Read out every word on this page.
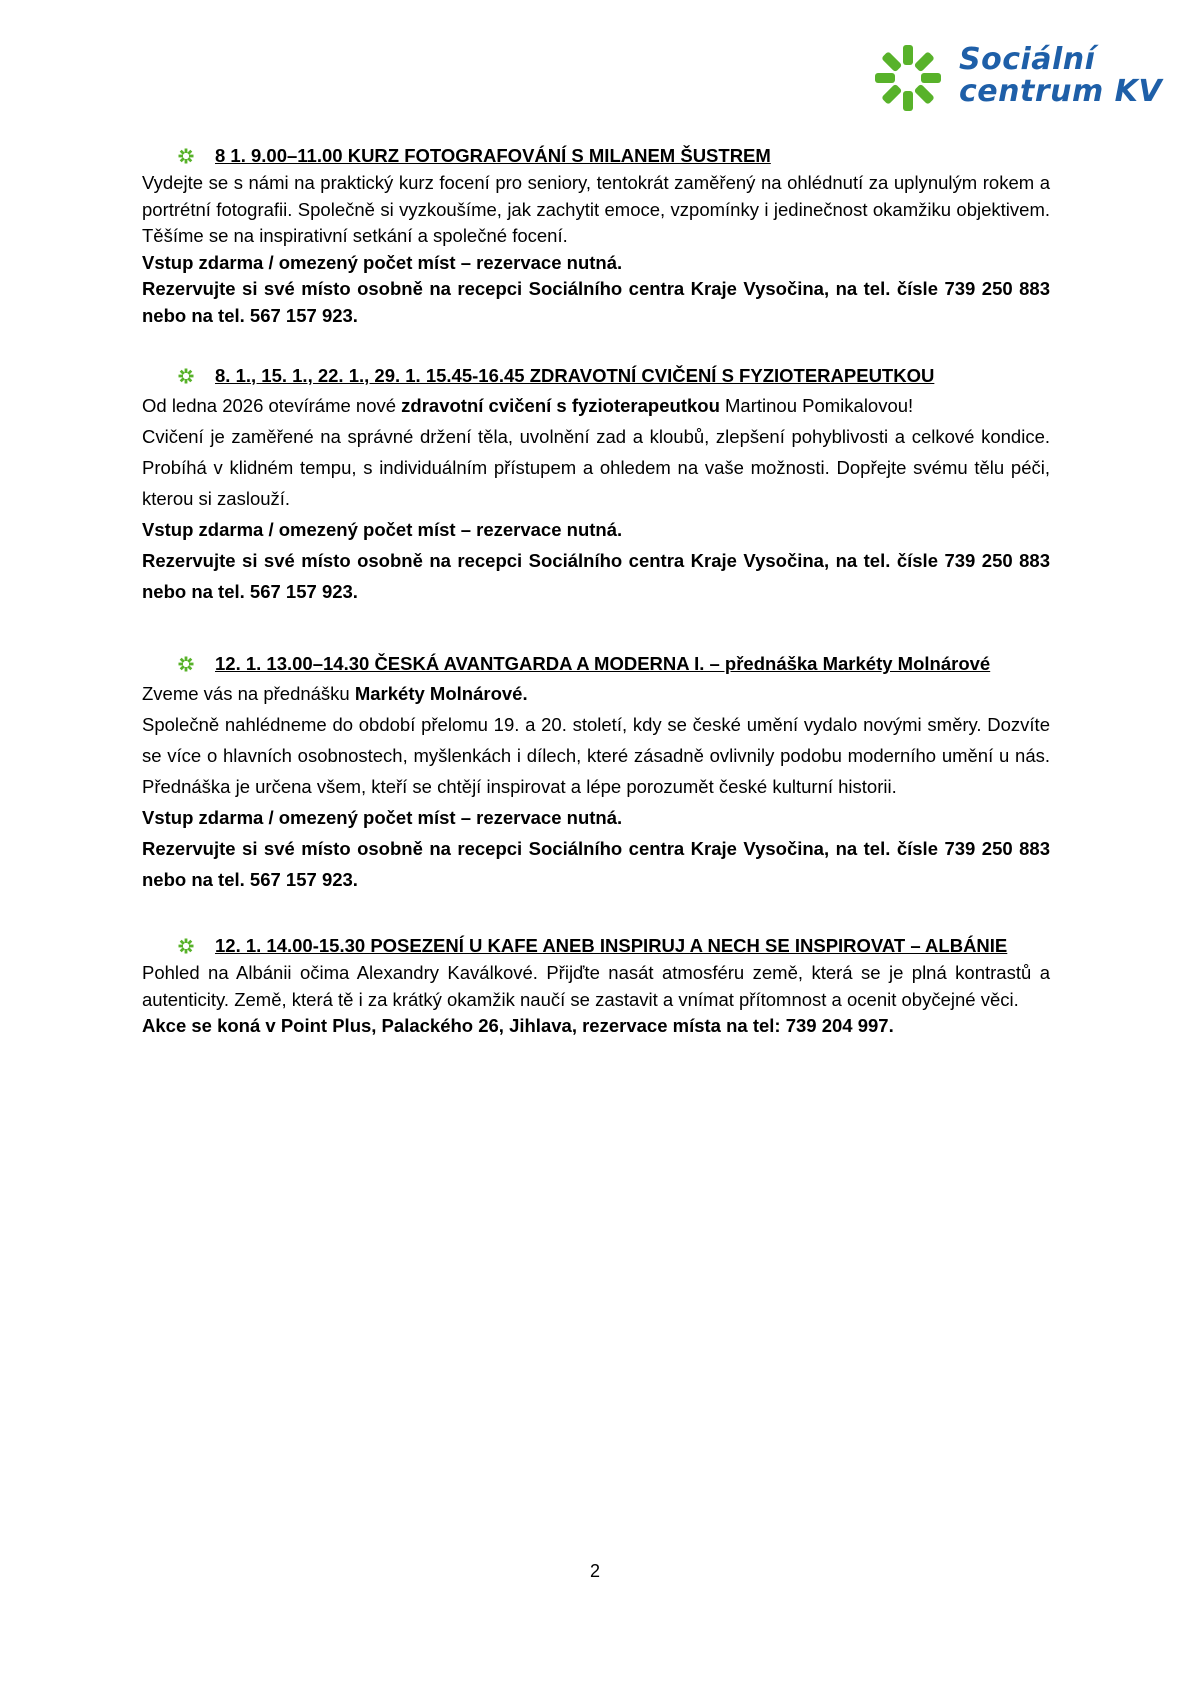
Sociální
centrum KV
8 1. 9.00–11.00 KURZ FOTOGRAFOVÁNÍ S MILANEM ŠUSTREM

Vydejte se s námi na praktický kurz focení pro seniory, tentokrát zaměřený na ohlédnutí za uplynulým rokem a portrétní fotografii. Společně si vyzkoušíme, jak zachytit emoce, vzpomínky i jedinečnost okamžiku objektivem. Těšíme se na inspirativní setkání a společné focení.

Vstup zdarma / omezený počet míst – rezervace nutná.

Rezervujte si své místo osobně na recepci Sociálního centra Kraje Vysočina, na tel. čísle 739 250 883 nebo na tel. 567 157 923.

8. 1., 15. 1., 22. 1., 29. 1. 15.45-16.45 ZDRAVOTNÍ CVIČENÍ S FYZIOTERAPEUTKOU

Od ledna 2026 otevíráme nové zdravotní cvičení s fyzioterapeutkou Martinou Pomikalovou!

Cvičení je zaměřené na správné držení těla, uvolnění zad a kloubů, zlepšení pohyblivosti a celkové kondice. Probíhá v klidném tempu, s individuálním přístupem a ohledem na vaše možnosti. Dopřejte svému tělu péči, kterou si zaslouží.

Vstup zdarma / omezený počet míst – rezervace nutná.

Rezervujte si své místo osobně na recepci Sociálního centra Kraje Vysočina, na tel. čísle 739 250 883 nebo na tel. 567 157 923.

12. 1. 13.00–14.30 ČESKÁ AVANTGARDA A MODERNA I. – přednáška Markéty Molnárové

Zveme vás na přednášku Markéty Molnárové.

Společně nahlédneme do období přelomu 19. a 20. století, kdy se české umění vydalo novými směry. Dozvíte se více o hlavních osobnostech, myšlenkách i dílech, které zásadně ovlivnily podobu moderního umění u nás. Přednáška je určena všem, kteří se chtějí inspirovat a lépe porozumět české kulturní historii.

Vstup zdarma / omezený počet míst – rezervace nutná.

Rezervujte si své místo osobně na recepci Sociálního centra Kraje Vysočina, na tel. čísle 739 250 883 nebo na tel. 567 157 923.

12. 1. 14.00-15.30 POSEZENÍ U KAFE ANEB INSPIRUJ A NECH SE INSPIROVAT – ALBÁNIE

Pohled na Albánii očima Alexandry Kaválkové. Přijďte nasát atmosféru země, která se je plná kontrastů a autenticity. Země, která tě i za krátký okamžik naučí se zastavit a vnímat přítomnost a ocenit obyčejné věci.

Akce se koná v Point Plus, Palackého 26, Jihlava, rezervace místa na tel: 739 204 997.

2
